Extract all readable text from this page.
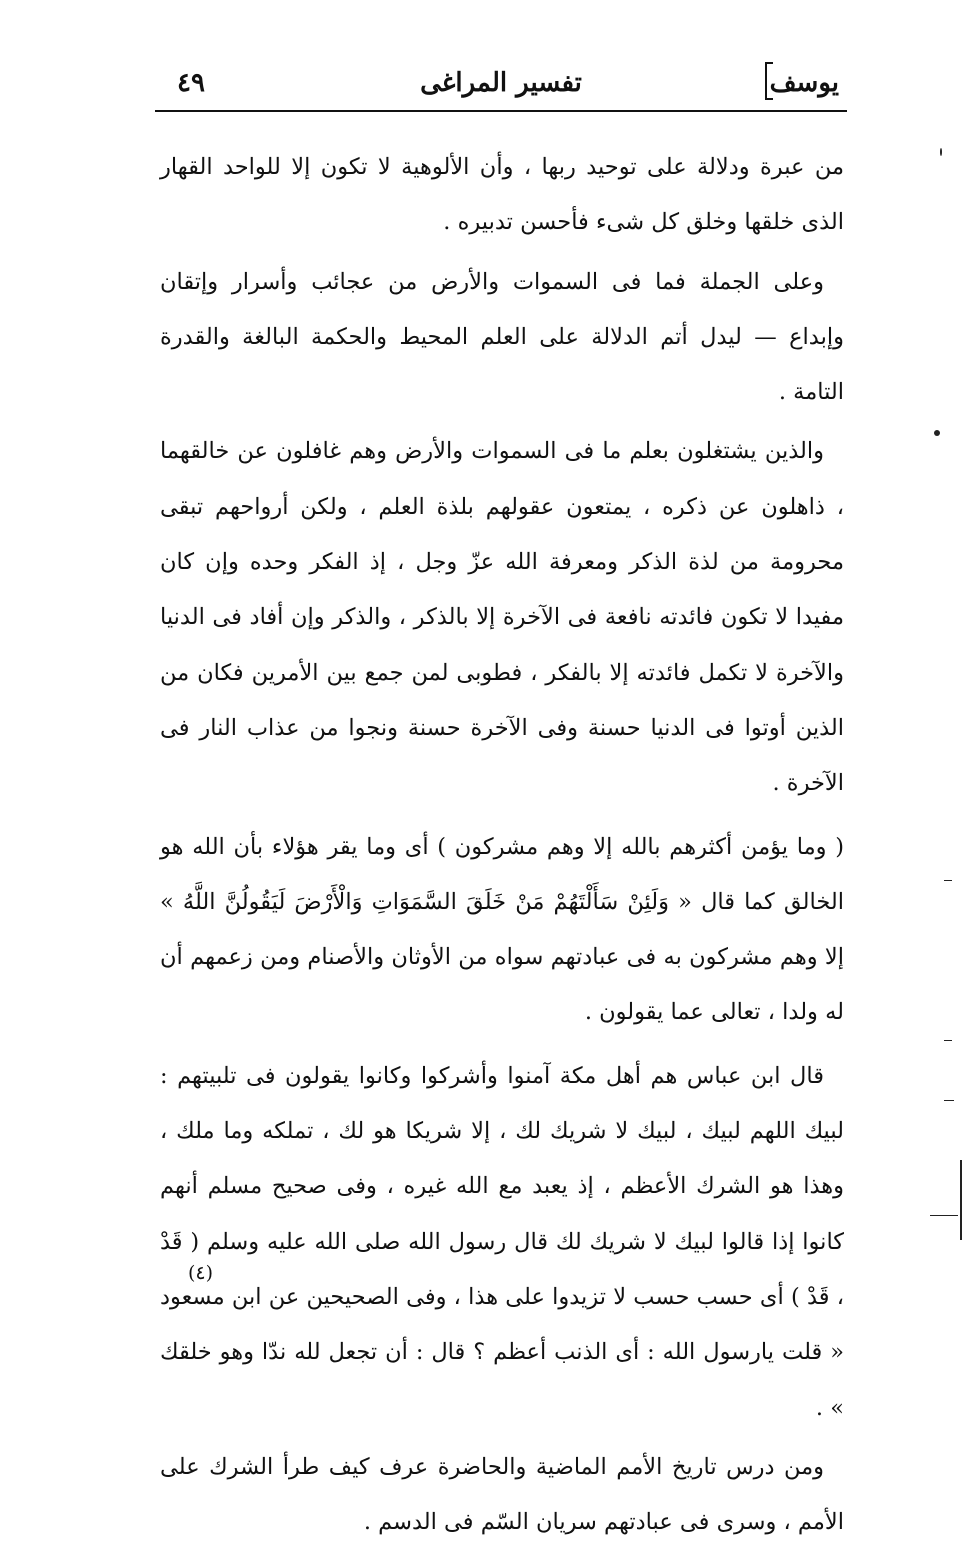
يوسف
تفسير المراغى
٤٩

من عبرة ودلالة على توحيد ربها ، وأن الألوهية لا تكون إلا للواحد القهار الذى خلقها وخلق كل شىء فأحسن تدبيره .

وعلى الجملة فما فى السموات والأرض من عجائب وأسرار وإتقان وإبداع — ليدل أتم الدلالة على العلم المحيط والحكمة البالغة والقدرة التامة .

والذين يشتغلون بعلم ما فى السموات والأرض وهم غافلون عن خالقهما ، ذاهلون عن ذكره ، يمتعون عقولهم بلذة العلم ، ولكن أرواحهم تبقى محرومة من لذة الذكر ومعرفة الله عزّ وجل ، إذ الفكر وحده وإن كان مفيدا لا تكون فائدته نافعة فى الآخرة إلا بالذكر ، والذكر وإن أفاد فى الدنيا والآخرة لا تكمل فائدته إلا بالفكر ، فطوبى لمن جمع بين الأمرين فكان من الذين أوتوا فى الدنيا حسنة وفى الآخرة حسنة ونجوا من عذاب النار فى الآخرة .

( وما يؤمن أكثرهم بالله إلا وهم مشركون ) أى وما يقر هؤلاء بأن الله هو الخالق كما قال « وَلَئِنْ سَأَلْتَهُمْ مَنْ خَلَقَ السَّمَوَاتِ وَالْأَرْضَ لَيَقُولُنَّ اللَّهُ » إلا وهم مشركون به فى عبادتهم سواه من الأوثان والأصنام ومن زعمهم أن له ولدا ، تعالى عما يقولون .

قال ابن عباس هم أهل مكة آمنوا وأشركوا وكانوا يقولون فى تلبيتهم : لبيك اللهم لبيك ، لبيك لا شريك لك ، إلا شريكا هو لك ، تملكه وما ملك ، وهذا هو الشرك الأعظم ، إذ يعبد مع الله غيره ، وفى صحيح مسلم أنهم كانوا إذا قالوا لبيك لا شريك لك قال رسول الله صلى الله عليه وسلم ( قَدْ ، قَدْ ) أى حسب حسب لا تزيدوا على هذا ، وفى الصحيحين عن ابن مسعود « قلت يارسول الله : أى الذنب أعظم ؟ قال : أن تجعل لله ندّا وهو خلقك » .

ومن درس تاريخ الأمم الماضية والحاضرة عرف كيف طرأ الشرك على الأمم ، وسرى فى عبادتهم سريان السّم فى الدسم .

(٤)
